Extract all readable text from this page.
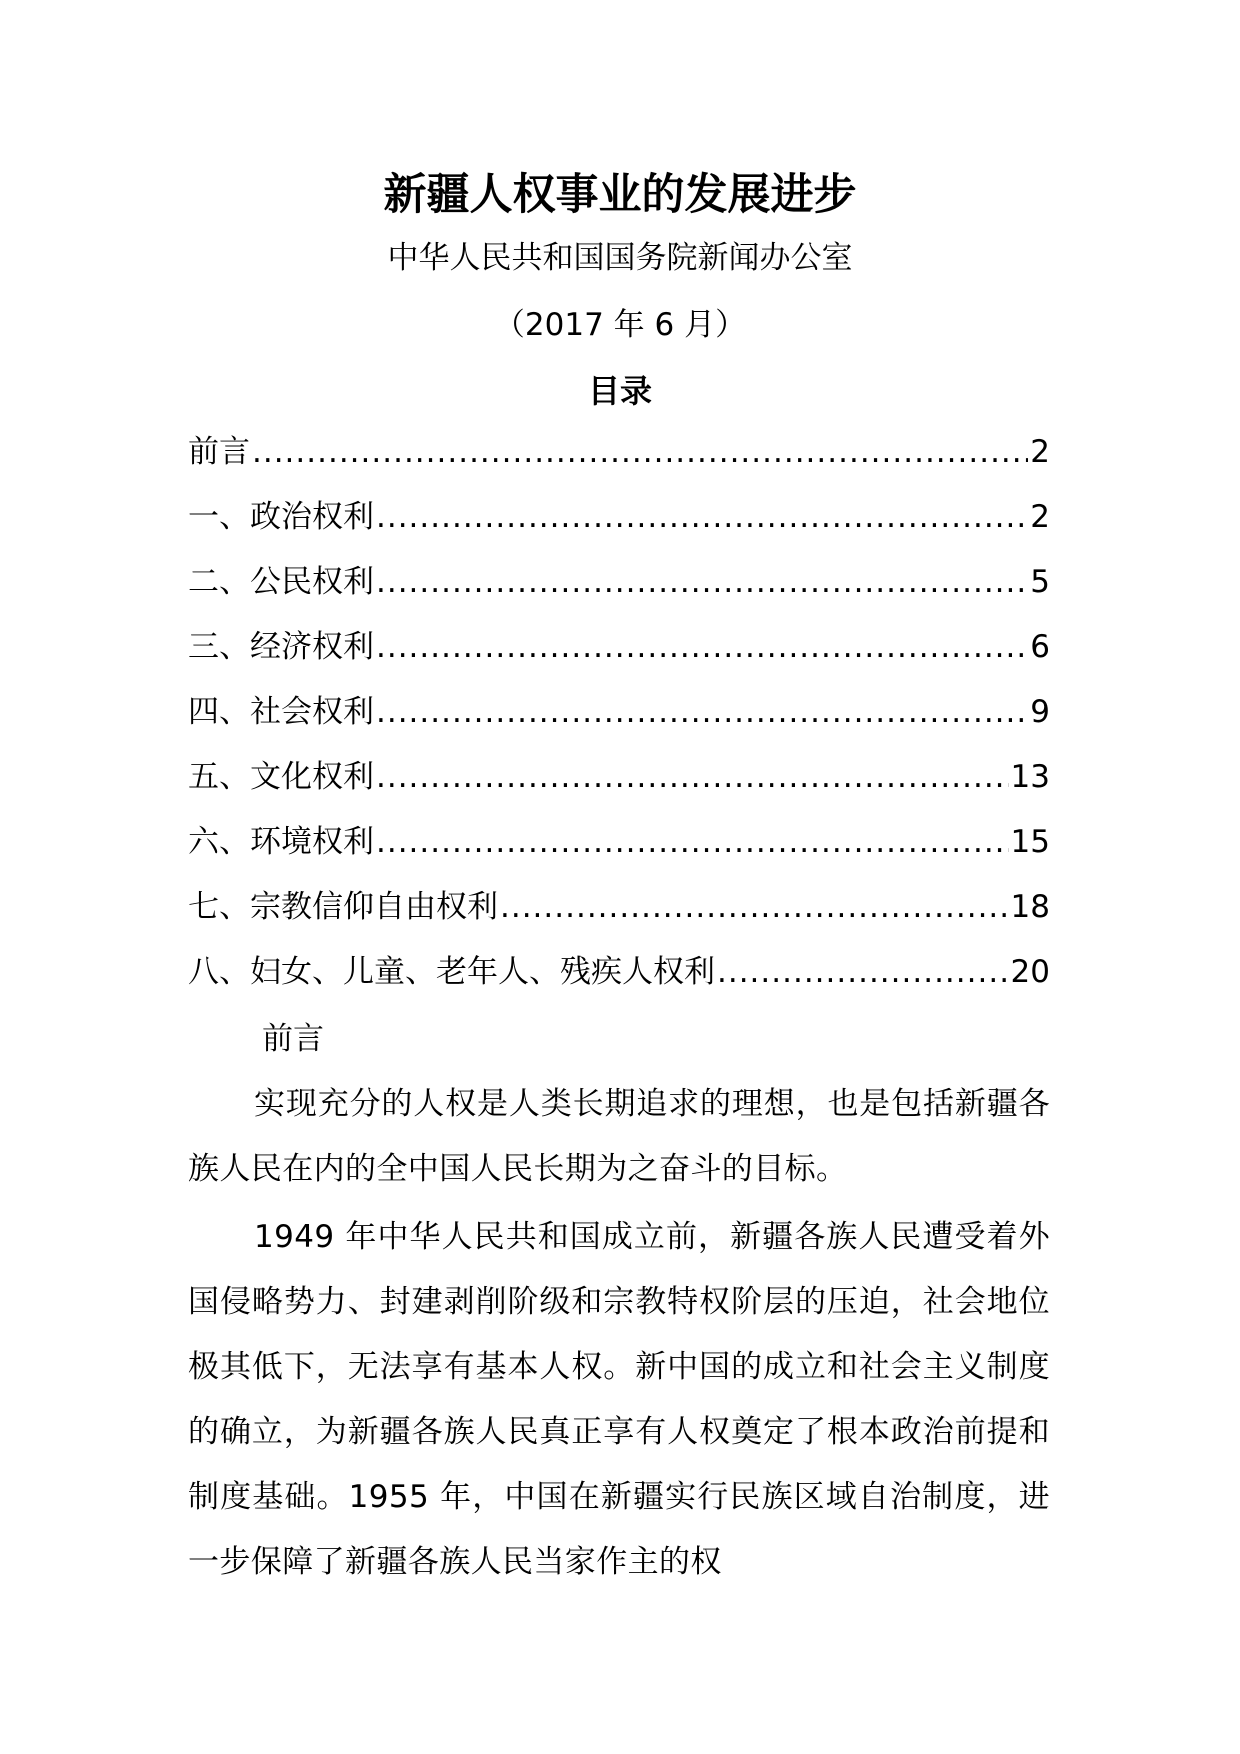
新疆人权事业的发展进步
中华人民共和国国务院新闻办公室
（2017 年 6 月）
目录
前言 .....	2
一、政治权利 .....	2
二、公民权利 .....	5
三、经济权利 .....	6
四、社会权利 .....	9
五、文化权利 .....	13
六、环境权利 .....	15
七、宗教信仰自由权利 .....	18
八、妇女、儿童、老年人、残疾人权利 .....	20
前言

实现充分的人权是人类长期追求的理想，也是包括新疆各族人民在内的全中国人民长期为之奋斗的目标。

1949 年中华人民共和国成立前，新疆各族人民遭受着外国侵略势力、封建剥削阶级和宗教特权阶层的压迫，社会地位极其低下，无法享有基本人权。新中国的成立和社会主义制度的确立，为新疆各族人民真正享有人权奠定了根本政治前提和制度基础。1955 年，中国在新疆实行民族区域自治制度，进一步保障了新疆各族人民当家作主的权
